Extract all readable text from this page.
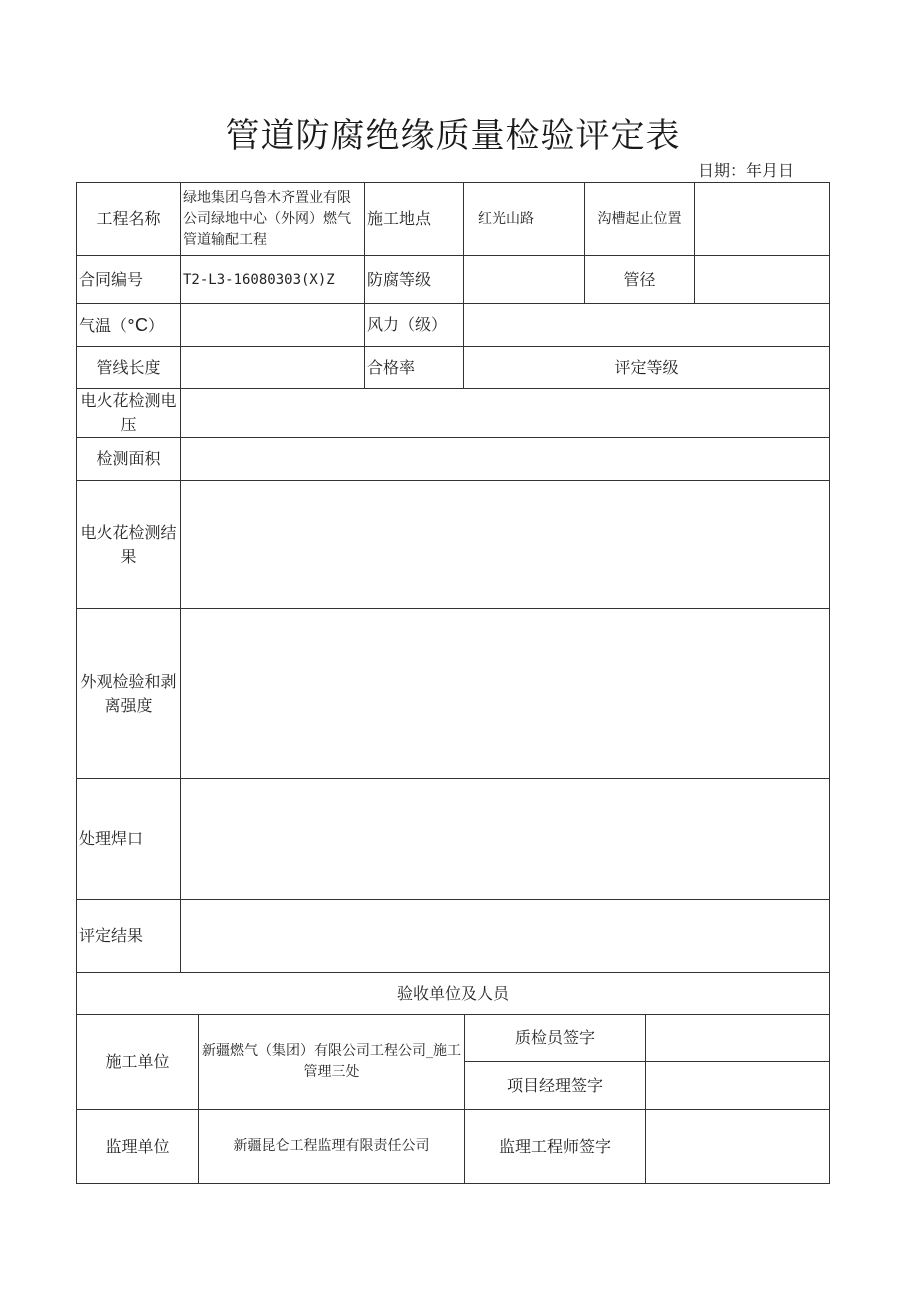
管道防腐绝缘质量检验评定表
日期：年月日
工程名称	绿地集团乌鲁木齐置业有限公司绿地中心（外网）燃气管道输配工程	施工地点	红光山路	沟槽起止位置	
合同编号	T2-L3-16080303(X)Z	防腐等级		管径	
气温（°C）		风力（级）			
管线长度		合格率	评定等级		
电火花检测电压					
检测面积					
电火花检测结果					
外观检验和剥离强度					
处理焊口					
评定结果					
验收单位及人员					
施工单位	新疆燃气（集团）有限公司工程公司_施工管理三处	质检员签字	
		项目经理签字	
监理单位	新疆昆仑工程监理有限责任公司	监理工程师签字	
